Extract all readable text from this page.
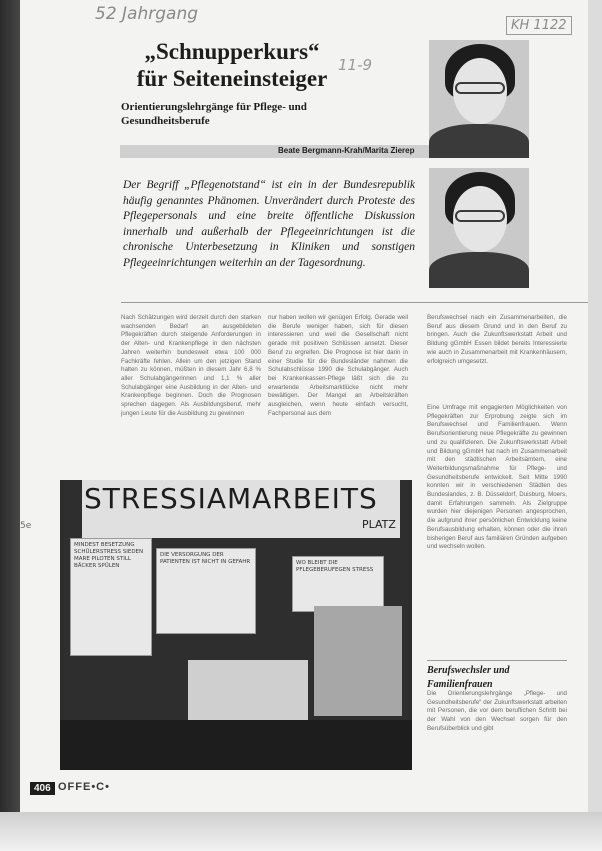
52 Jahrgang
11-9
KH 1122
„Schnupperkurs“
für Seiteneinsteiger
Orientierungslehrgänge für Pflege- und Gesundheitsberufe
Beate Bergmann-Krah/Marita Zierep
Der Begriff „Pflegenotstand“ ist ein in der Bundesrepublik häufig genanntes Phänomen. Unverändert durch Proteste des Pflegepersonals und eine breite öffentliche Diskussion innerhalb und außerhalb der Pflegeeinrichtungen ist die chronische Unterbesetzung in Kliniken und sonstigen Pflegeeinrichtungen weiterhin an der Tagesordnung.
Nach Schätzungen wird derzeit durch den starken wachsenden Bedarf an ausgebildeten Pflegekräften durch steigende Anforderungen in der Alten- und Krankenpflege in den nächsten Jahren weiterhin bundesweit etwa 100 000 Fachkräfte fehlen. Allein um den jetzigen Stand halten zu können, müßten in diesem Jahr 6,8 % aller Schulabgängerinnen und 1,1 % aller Schulabgänger eine Ausbildung in der Alten- und Krankenpflege beginnen. Doch die Prognosen sprechen dagegen. Als Ausbildungsberuf, mehr jungen Leute für die Ausbildung zu gewinnen
nur haben wollen wir genügen Erfolg. Gerade weil die Berufe weniger haben, sich für diesen interessieren und weil die Gesellschaft nicht gerade mit positiven Schlüssen ansetzt. Dieser Beruf zu ergreifen. Die Prognose ist hier darin in einer Studie für die Bundesländer nahmen die Schulabschlüsse 1990 die Schulabgänger. Auch bei Krankenkassen-Pflege läßt sich die zu erwartende Arbeitsmarktlücke nicht mehr bewältigen. Der Mangel an Arbeitskräften ausgleichen, wenn heute einfach versucht, Fachpersonal aus dem
Berufswechsel nach ein Zusammenarbeiten, die Beruf aus diesem Grund und in den Beruf zu bringen. Auch die Zukunftswerkstatt Arbeit und Bildung gGmbH Essen bildet bereits Interessierte wie auch in Zusammenarbeit mit Krankenhäusern, erfolgreich umgesetzt.
Eine Umfrage mit engagierten Möglichkeiten von Pflegekräften zur Erprobung zeigte sich im Berufswechsel und Familienfrauen. Wenn Berufsorientierung neue Pflegekräfte zu gewinnen und zu qualifizieren. Die Zukunftswerkstatt Arbeit und Bildung gGmbH hat nach im Zusammenarbeit mit den städtischen Arbeitsämtern, eine Weiterbildungsmaßnahme für Pflege- und Gesundheitsberufe entwickelt. Seit Mitte 1990 konnten wir in verschiedenen Städten des Bundeslandes, z. B. Düsseldorf, Duisburg, Moers, damit Erfahrungen sammeln. Als Zielgruppe wurden hier diejenigen Personen angesprochen, die aufgrund ihrer persönlichen Entwicklung keine Berufsausbildung erhalten, können oder die ihren bisherigen Beruf aus familiären Gründen aufgeben und wechseln wollen.
Berufswechsler und Familienfrauen
Die Orientierungslehrgänge „Pflege- und Gesundheitsberufe“ der Zukunftswerkstatt arbeiten mit Personen, die vor dem beruflichen Schritt bei der Wahl von den Wechsel sorgen für den Berufsüberblick und gibt
STRESSIAMARBEITS
PLATZ
MINDEST BESETZUNG SCHÜLERSTRESS SIEDEN MARE PILOTEN STILL BÄCKER SPÜLEN
DIE VERSORGUNG DER PATIENTEN IST NICHT IN GEFAHR	WO BLEIBT DIE PFLEGEBERUFEGEN STRESS
5e
406 OFFE•C•
